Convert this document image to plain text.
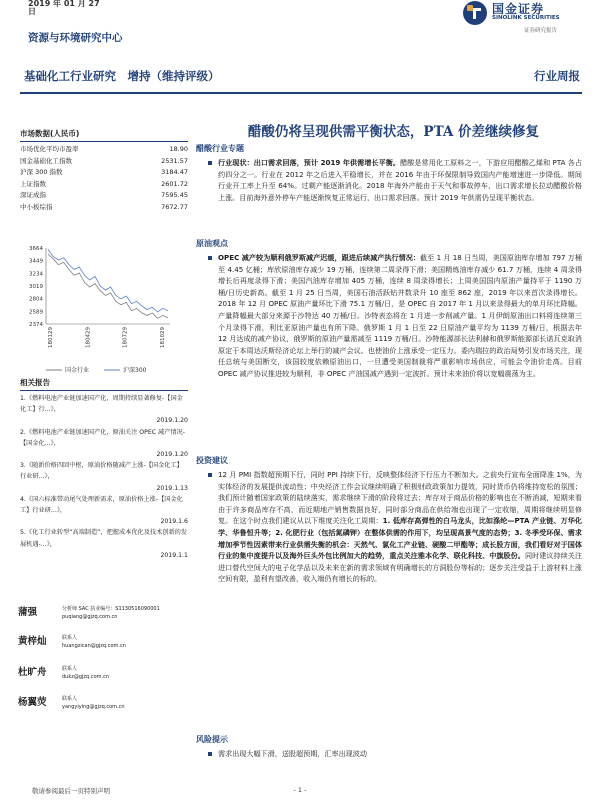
2019 年 01 月 27 日
资源与环境研究中心
国金证券
SINOLINK SECURITIES
证券研究报告
基础化工行业研究　增持（维持评级）	行业周报
市场数据(人民币)
市场优化平均市盈率	18.90
国金基础化工指数	2531.57
沪深 300 指数	3184.47
上证指数	2601.72
深证成指	7595.45
中小板综指	7672.77
3664
3449
3234
3019
2804
2589
2374
180129	180429	180729	181029
国金行业	沪深300
相关报告
1.《燃料电池产业链加速国产化，周期持续显著修复-【国金化工】行...》，
2019.1.20
2.《燃料电池产业链加速国产化，原油关注 OPEC 减产情况-【国金化...》，
2019.1.20
3.《随新价格四回中枢，原油价格随减产上涨-【国金化工】行业研...》，
2019.1.13
4.《国六标准带动尾气处理新需求，原油价格上涨-【国金化工】行业研...》，
2019.1.6
5.《化工行业转型“高端制造”，把握成本优化及技术创新的发展机遇-...》，
2019.1.1
蒲强	分析师 SAC 执业编号：S1130516090001
puqiang@gjzq.com.cn
黄梓灿	联系人
huangzican@gjzq.com.cn
杜旷舟	联系人
dukz@gjzq.com.cn
杨翼荧	联系人
yangyiying@gjzq.com.cn
醋酸仍将呈现供需平衡状态，PTA 价差继续修复
醋酸行业专题
行业现状：出口需求回落，预计 2019 年供需增长平衡。醋酸是常用化工原料之一，下游应用醋酸乙烯和 PTA 各占约四分之一。行业在 2012 年之后进入平稳增长，并在 2016 年由于环保限制导致国内产能增速进一步降低。期间行业开工率上升至 64%。过剩产能逐渐消化。2018 年海外产能由于天气和事故停车，出口需求增长拉动醋酸价格上涨。目前海外意外停车产能逐渐恢复正常运行，出口需求回落。预计 2019 年供需仍呈现平衡状态。
原油观点
OPEC 减产较为顺利俄罗斯减产迟缓，跟进后续减产执行情况：截至 1 月 18 日当周，美国原油库存增加 797 万桶至 4.45 亿桶；库欣原油库存减少 19 万桶，连续第二周录得下滑；美国精炼油库存减少 61.7 万桶，连续 4 周录得增长后再度录得下滑；美国汽油库存增加 405 万桶，连续 8 周录得增长；上周美国国内原油产量持平于 1190 万桶/日历史新高。截至 1 月 25 日当周，美国石油活跃钻井数录升 10 座至 862 座，2019 年以来首次录得增长。2018 年 12 月 OPEC 原油产量环比下滑 75.1 万桶/日，是 OPEC 自 2017 年 1 月以来录得最大的单月环比降幅。产量降幅最大部分来源于沙特达 40 万桶/日。沙特表态将在 1 月进一步削减产量。1 月伊朗原油出口料将连续第三个月录得下滑，利比亚原油产量也有所下降。俄罗斯 1 月 1 日至 22 日原油产量平均为 1139 万桶/日，根据去年 12 月达成的减产协议，俄罗斯的原油产量需减至 1119 万桶/日。沙特能源部长法利赫和俄罗斯能源部长诺瓦克取消原定于本周达沃斯经济论坛上举行的减产会议。也使油价上涨承受一定压力。委内瑞拉的政治局势引发市场关注，现任总统与美国断交，该国较度依赖原油出口，一旦遭受美国制裁将严重影响市场供应，可能会令油价走高。目前 OPEC 减产协议推进较为顺利，非 OPEC 产油国减产遇到一定波折。预计未来油价将以宽幅震荡为主。
投资建议
12 月 PMI 指数超预期下行，同时 PPI 持续下行，反映整体经济下行压力不断加大。之前央行宣布全面降准 1%，为实体经济的发展提供流动性；中央经济工作会议继续明确了积极财政政策加力提效，同时货币仍将维持宽松的氛围；我们预计随着国家政策的陆续落实，需求继续下滑的阶段将过去；库存对于商品价格的影响也在不断消减，短期来看由于许多商品库存不高，而近期地产销售数据良好，同时部分商品在供给端也出现了一定收缩，周期将继续明显修复。在这个时点我们建议从以下维度关注化工周期：1. 低库存高弹性的白马龙头，比如涤纶—PTA 产业链、万华化学、华鲁恒升等；2. 化肥行业（包括氮磷钾）在整体供需的作用下，均呈现高景气度的态势；3. 冬季受环保、需求增加季节性因素带来行业供需失衡的机会：天然气、氯化工产业链、硬酸二甲酯等；成长股方面，我们看好对于国体行业的集中度提升以及海外巨头外包比例加大的趋势，重点关注雅本化学、联化科技、中旗股份。同时建议持续关注进口替代空间大的电子化学品以及未来在新的需求领域有明确增长的方洞股份等标的；逐步关注受益于上游材料上涨空间有限，盈利有望改善，收入端仍有增长的标的。
风险提示
需求出现大幅下滑，送股超预期，汇率出现波动
敬请参阅最后一页特别声明	- 1 -
